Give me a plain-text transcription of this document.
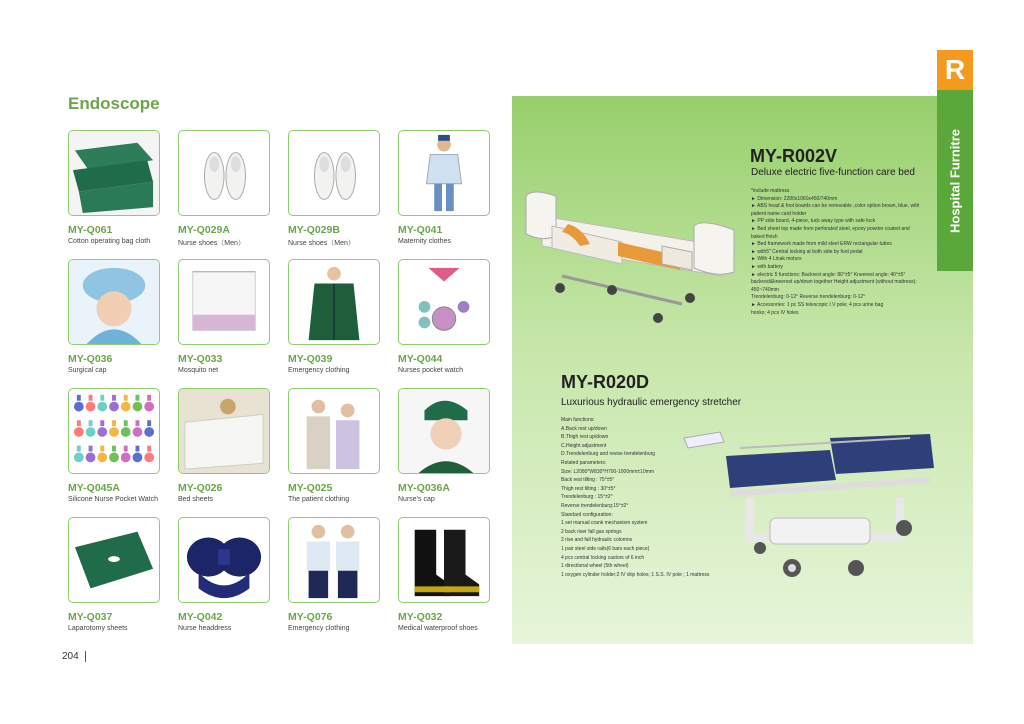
Endoscope
MY-Q061
Cotton operating bag cloth
MY-Q029A
Nurse shoes（Men）
MY-Q029B
Nurse shoes（Men）
MY-Q041
Maternity clothes
MY-Q036
Surgical cap
MY-Q033
Mosquito net
MY-Q039
Emergency clothing
MY-Q044
Nurses pocket watch
MY-Q045A
Silicone Nurse Pocket Watch
MY-Q026
Bed sheets
MY-Q025
The patient clothing
MY-Q036A
Nurse's cap
MY-Q037
Laparotomy sheets
MY-Q042
Nurse headdress
MY-Q076
Emergency clothing
MY-Q032
Medical waterproof shoes
204
R
Hospital Furnitre
MY-R002V
Deluxe electric five-function care bed
*include mattress
► Dimension: 2280x1060x450/740mm
► ABS head & foot boards can be removable ,color option brown, blue, with
patient name card holder
► PP side board, 4-piece, tuck away type with safe lock
► Bed sheet top made from perforated steel, epoxy powder coated and
baked finish
► Bed framework made from mild steel ERW rectangular tubes
► with5" Central locking at both side by foot pedal
► With 4 Linak motors
► with battery
► electric 5 functions: Backrest angle: 80°±5° Kneerest angle: 40°±5°
backrest&kneerest up/down together Height adjustment (without mattress):
450~740mm
Trendelenburg: 0-12° Reverse trendelenburg: 0-12°
► Accessories: 1 pc SS telescopic I V pole; 4 pcs urine bag
hooks; 4 pcs IV holes
MY-R020D
Luxurious hydraulic emergency stretcher
Main functions:
A.Back rest up/down
B.Thigh rest up/down
C.Height adjustment
D.Trendelenburg and revise trendelenburg
Related parameters:
Size: L2080*W830*H700-1000mm±10mm
Back rest tilting : 75°±5°
Thigh rest tilting : 30°±5°
Trendelenburg : 15°±2°
Reverse trendelenburg:15°±2°
Standard configuration:
1 set manual crank mechanism system
2 back riser fall gas springs
2 rise and fall hydraulic colomns
1 pair steel side rails(6 bars each piece)
4 pcs central locking castors of 6 inch
1 directional wheel (5th wheel)
1 oxygen cylinder holder;2 IV drip holes; 1 S.S. IV pole ; 1 mattress
